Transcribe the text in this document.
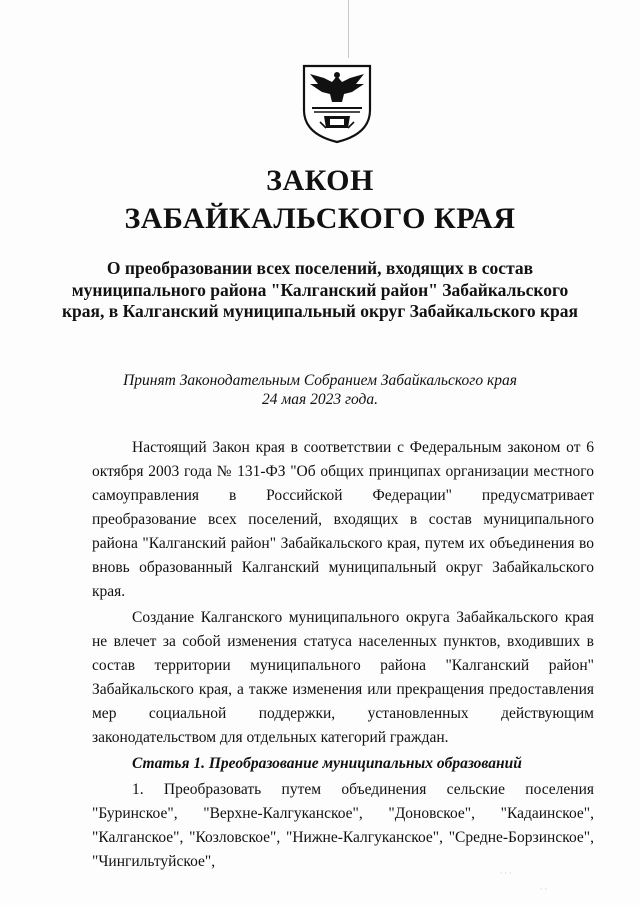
ЗАКОН
ЗАБАЙКАЛЬСКОГО КРАЯ
О преобразовании всех поселений, входящих в состав муниципального района "Калганский район" Забайкальского края, в Калганский муниципальный округ Забайкальского края
Принят Законодательным Собранием Забайкальского края
24 мая 2023 года.

Настоящий Закон края в соответствии с Федеральным законом от 6 октября 2003 года № 131-ФЗ "Об общих принципах организации местного самоуправления в Российской Федерации" предусматривает преобразование всех поселений, входящих в состав муниципального района "Калганский район" Забайкальского края, путем их объединения во вновь образованный Калганский муниципальный округ Забайкальского края.

Создание Калганского муниципального округа Забайкальского края не влечет за собой изменения статуса населенных пунктов, входивших в состав территории муниципального района "Калганский район" Забайкальского края, а также изменения или прекращения предоставления мер социальной поддержки, установленных действующим законодательством для отдельных категорий граждан.

Статья 1. Преобразование муниципальных образований

1. Преобразовать путем объединения сельские поселения "Буринское", "Верхне-Калгуканское", "Доновское", "Кадаинское", "Калганское", "Козловское", "Нижне-Калгуканское", "Средне-Борзинское", "Чингильтуйское",

· · ·
· ·
